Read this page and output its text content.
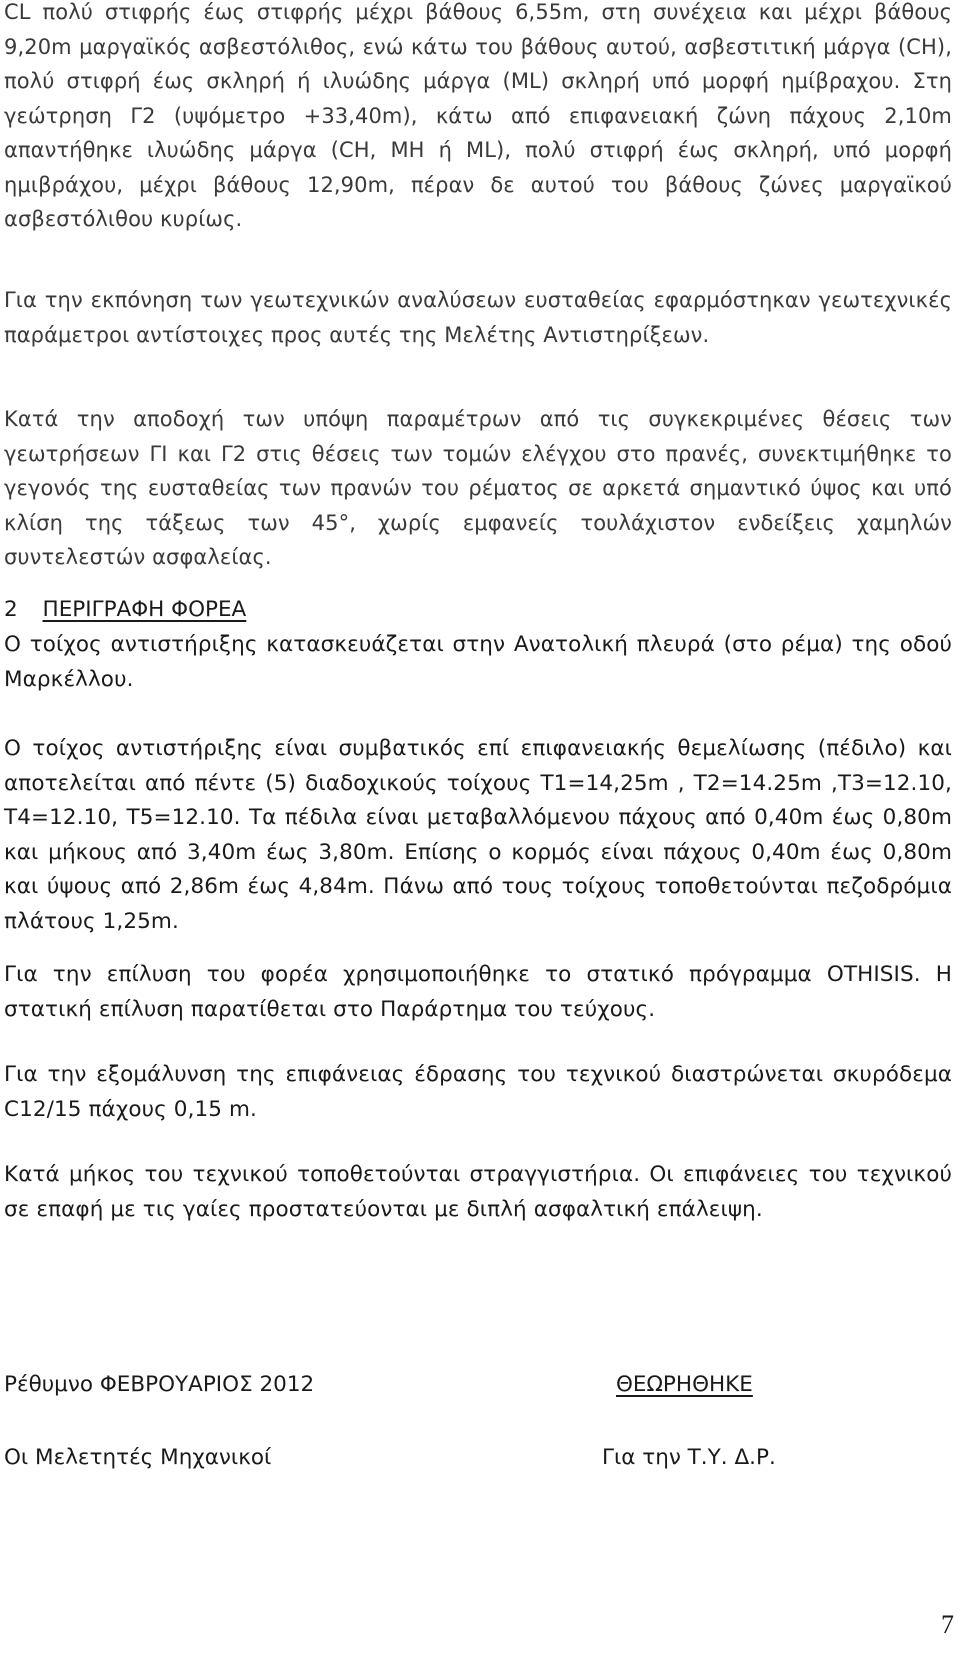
CL πολύ στιφρής έως στιφρής μέχρι βάθους 6,55m, στη συνέχεια και μέχρι βάθους 9,20m μαργαϊκός ασβεστόλιθος, ενώ κάτω του βάθους αυτού, ασβεστιτική μάργα (CH), πολύ στιφρή έως σκληρή ή ιλυώδης μάργα (ML) σκληρή υπό μορφή ημίβραχου. Στη γεώτρηση Γ2 (υψόμετρο +33,40m), κάτω από επιφανειακή ζώνη πάχους 2,10m απαντήθηκε ιλυώδης μάργα (CH, MH ή ML), πολύ στιφρή έως σκληρή, υπό μορφή ημιβράχου, μέχρι βάθους 12,90m, πέραν δε αυτού του βάθους ζώνες μαργαϊκού ασβεστόλιθου κυρίως.

Για την εκπόνηση των γεωτεχνικών αναλύσεων ευσταθείας εφαρμόστηκαν γεωτεχνικές παράμετροι αντίστοιχες προς αυτές της Μελέτης Αντιστηρίξεων.

Κατά την αποδοχή των υπόψη παραμέτρων από τις συγκεκριμένες θέσεις των γεωτρήσεων ΓΙ και Γ2 στις θέσεις των τομών ελέγχου στο πρανές, συνεκτιμήθηκε το γεγονός της ευσταθείας των πρανών του ρέματος σε αρκετά σημαντικό ύψος και υπό κλίση της τάξεως των 45°, χωρίς εμφανείς τουλάχιστον ενδείξεις χαμηλών συντελεστών ασφαλείας.

2 ΠΕΡΙΓΡΑΦΗ ΦΟΡΕΑ

Ο τοίχος αντιστήριξης κατασκευάζεται στην Ανατολική πλευρά (στο ρέμα) της οδού Μαρκέλλου.

Ο τοίχος αντιστήριξης είναι συμβατικός επί επιφανειακής θεμελίωσης (πέδιλο) και αποτελείται από πέντε (5) διαδοχικούς τοίχους Τ1=14,25m , Τ2=14.25m ,Τ3=12.10, Τ4=12.10, Τ5=12.10. Τα πέδιλα είναι μεταβαλλόμενου πάχους από 0,40m έως 0,80m και μήκους από 3,40m έως 3,80m. Επίσης ο κορμός είναι πάχους 0,40m έως 0,80m και ύψους από 2,86m έως 4,84m. Πάνω από τους τοίχους τοποθετούνται πεζοδρόμια πλάτους 1,25m.

Για την επίλυση του φορέα χρησιμοποιήθηκε το στατικό πρόγραμμα OTHISIS. Η στατική επίλυση παρατίθεται στο Παράρτημα του τεύχους.

Για την εξομάλυνση της επιφάνειας έδρασης του τεχνικού διαστρώνεται σκυρόδεμα C12/15 πάχους 0,15 m.

Κατά μήκος του τεχνικού τοποθετούνται στραγγιστήρια. Οι επιφάνειες του τεχνικού σε επαφή με τις γαίες προστατεύονται με διπλή ασφαλτική επάλειψη.

Ρέθυμνο ΦΕΒΡΟΥΑΡΙΟΣ 2012	ΘΕΩΡΗΘΗΚΕ
Οι Μελετητές Μηχανικοί	Για την Τ.Υ. Δ.Ρ.
7
